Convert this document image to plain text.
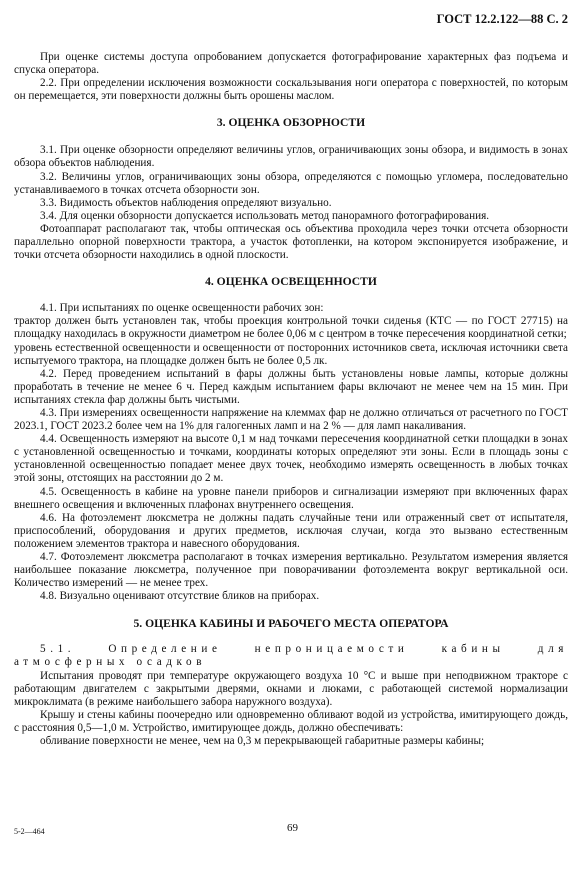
ГОСТ 12.2.122—88 С. 2

При оценке системы доступа опробованием допускается фотографирование характерных фаз подъема и спуска оператора.

2.2. При определении исключения возможности соскальзывания ноги оператора с поверхностей, по которым он перемещается, эти поверхности должны быть орошены маслом.

3. ОЦЕНКА ОБЗОРНОСТИ

3.1. При оценке обзорности определяют величины углов, ограничивающих зоны обзора, и видимость в зонах обзора объектов наблюдения.

3.2. Величины углов, ограничивающих зоны обзора, определяются с помощью угломера, последовательно устанавливаемого в точках отсчета обзорности зон.

3.3. Видимость объектов наблюдения определяют визуально.

3.4. Для оценки обзорности допускается использовать метод панорамного фотографирования.

Фотоаппарат располагают так, чтобы оптическая ось объектива проходила через точки отсчета обзорности параллельно опорной поверхности трактора, а участок фотопленки, на котором экспонируется изображение, и точки отсчета обзорности находились в одной плоскости.

4. ОЦЕНКА ОСВЕЩЕННОСТИ

4.1. При испытаниях по оценке освещенности рабочих зон:

трактор должен быть установлен так, чтобы проекция контрольной точки сиденья (КТС — по ГОСТ 27715) на площадку находилась в окружности диаметром не более 0,06 м с центром в точке пересечения координатной сетки;

уровень естественной освещенности и освещенности от посторонних источников света, исключая источники света испытуемого трактора, на площадке должен быть не более 0,5 лк.

4.2. Перед проведением испытаний в фары должны быть установлены новые лампы, которые должны проработать в течение не менее 6 ч. Перед каждым испытанием фары включают не менее чем на 15 мин. При испытаниях стекла фар должны быть чистыми.

4.3. При измерениях освещенности напряжение на клеммах фар не должно отличаться от расчетного по ГОСТ 2023.1, ГОСТ 2023.2 более чем на 1% для галогенных ламп и на 2 % — для ламп накаливания.

4.4. Освещенность измеряют на высоте 0,1 м над точками пересечения координатной сетки площадки в зонах с установленной освещенностью и точками, координаты которых определяют эти зоны. Если в площадь зоны с установленной освещенностью попадает менее двух точек, необходимо измерять освещенность в любых точках этой зоны, отстоящих на расстоянии до 2 м.

4.5. Освещенность в кабине на уровне панели приборов и сигнализации измеряют при включенных фарах внешнего освещения и включенных плафонах внутреннего освещения.

4.6. На фотоэлемент люксметра не должны падать случайные тени или отраженный свет от испытателя, приспособлений, оборудования и других предметов, исключая случаи, когда это вызвано естественным положением элементов трактора и навесного оборудования.

4.7. Фотоэлемент люксметра располагают в точках измерения вертикально. Результатом измерения является наибольшее показание люксметра, полученное при поворачивании фотоэлемента вокруг вертикальной оси. Количество измерений — не менее трех.

4.8. Визуально оценивают отсутствие бликов на приборах.

5. ОЦЕНКА КАБИНЫ И РАБОЧЕГО МЕСТА ОПЕРАТОРА

5.1. Определение непроницаемости кабины для атмосферных осадков

Испытания проводят при температуре окружающего воздуха 10 °С и выше при неподвижном тракторе с работающим двигателем с закрытыми дверями, окнами и люками, с работающей системой нормализации микроклимата (в режиме наибольшего забора наружного воздуха).

Крышу и стены кабины поочередно или одновременно обливают водой из устройства, имитирующего дождь, с расстояния 0,5—1,0 м. Устройство, имитирующее дождь, должно обеспечивать:

обливание поверхности не менее, чем на 0,3 м перекрывающей габаритные размеры кабины;

5-2—464	69
